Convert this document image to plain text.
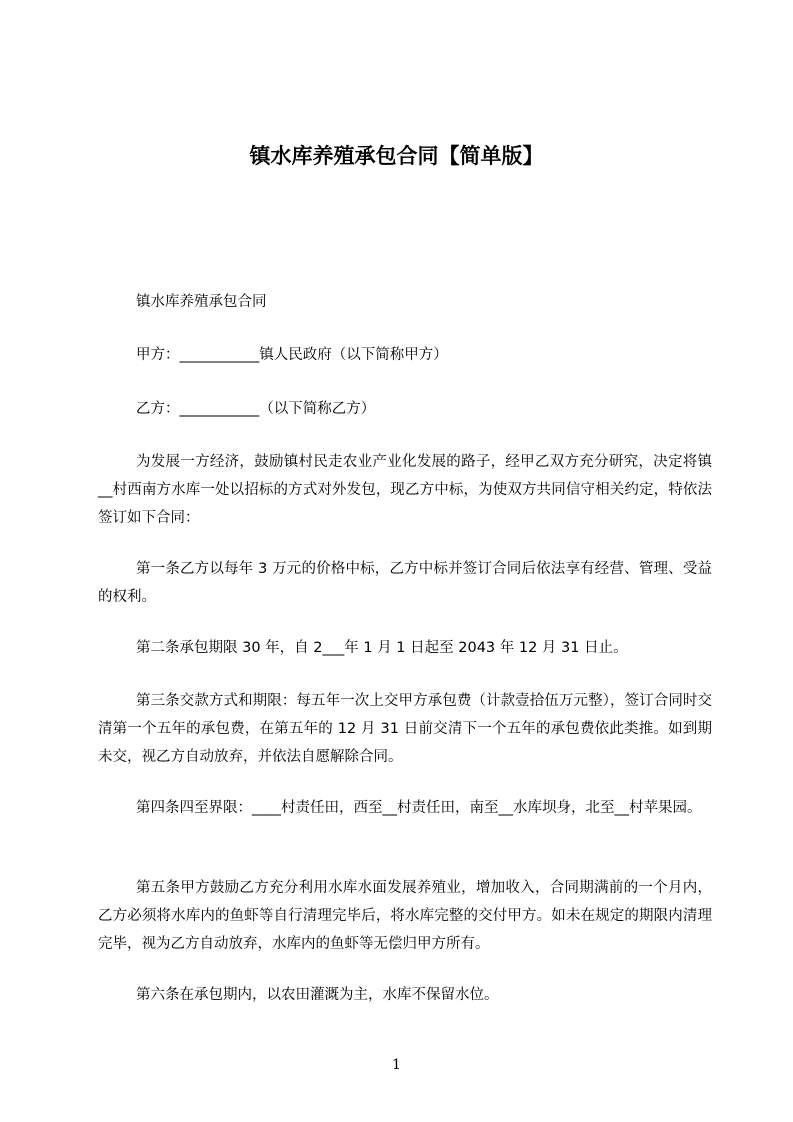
镇水库养殖承包合同【简单版】

镇水库养殖承包合同

甲方：___________镇人民政府（以下简称甲方）

乙方：___________（以下简称乙方）

为发展一方经济，鼓励镇村民走农业产业化发展的路子，经甲乙双方充分研究，决定将镇__村西南方水库一处以招标的方式对外发包，现乙方中标，为使双方共同信守相关约定，特依法签订如下合同：

第一条乙方以每年 3 万元的价格中标，乙方中标并签订合同后依法享有经营、管理、受益的权利。

第二条承包期限 30 年，自 2___年 1 月 1 日起至 2043 年 12 月 31 日止。

第三条交款方式和期限：每五年一次上交甲方承包费（计款壹拾伍万元整），签订合同时交清第一个五年的承包费，在第五年的 12 月 31 日前交清下一个五年的承包费依此类推。如到期未交，视乙方自动放弃，并依法自愿解除合同。

第四条四至界限：____村责任田，西至__村责任田，南至__水库坝身，北至__村苹果园。

第五条甲方鼓励乙方充分利用水库水面发展养殖业，增加收入，合同期满前的一个月内，乙方必须将水库内的鱼虾等自行清理完毕后，将水库完整的交付甲方。如未在规定的期限内清理完毕，视为乙方自动放弃，水库内的鱼虾等无偿归甲方所有。

第六条在承包期内，以农田灌溉为主，水库不保留水位。

1
